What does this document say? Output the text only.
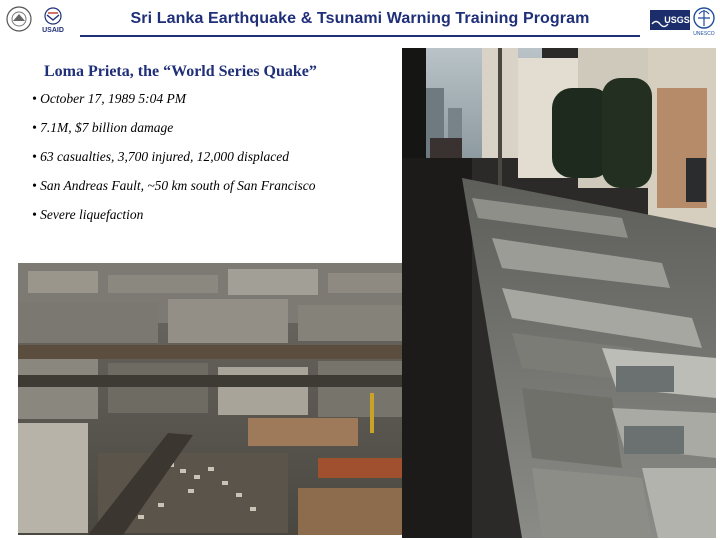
USAID
Sri Lanka Earthquake & Tsunami Warning Training Program	USGS
UNESCO
Loma Prieta, the “World Series Quake”
• October 17, 1989 5:04 PM
• 7.1M, $7 billion damage
• 63 casualties, 3,700 injured, 12,000 displaced
• San Andreas Fault, ~50 km south of San Francisco
• Severe liquefaction
